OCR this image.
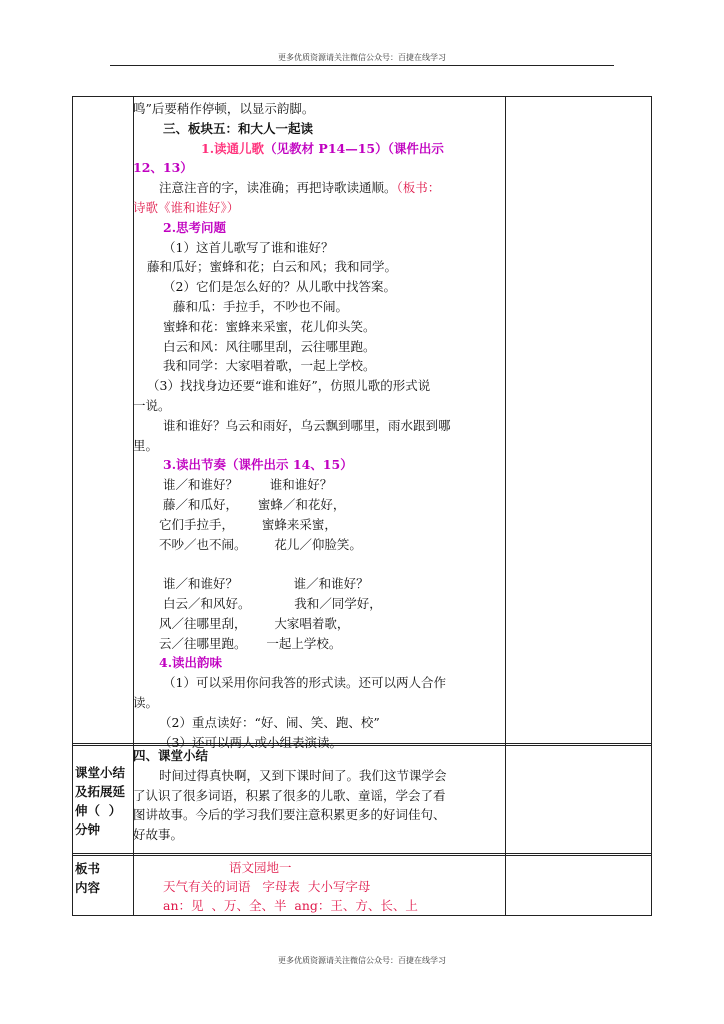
更多优质资源请关注微信公众号：百捷在线学习
鸣”后要稍作停顿，以显示韵脚。
三、板块五：和大人一起读
1.读通儿歌（见教材 P14—15）（课件出示
12、13）
注意注音的字，读准确；再把诗歌读通顺。（板书：
诗歌《谁和谁好》）
2.思考问题
（1）这首儿歌写了谁和谁好？
藤和瓜好；蜜蜂和花；白云和风；我和同学。
（2）它们是怎么好的？从儿歌中找答案。
藤和瓜：手拉手，不吵也不闹。
蜜蜂和花：蜜蜂来采蜜，花儿仰头笑。
白云和风：风往哪里刮，云往哪里跑。
我和同学：大家唱着歌，一起上学校。
（3）找找身边还要“谁和谁好”，仿照儿歌的形式说
一说。
谁和谁好？乌云和雨好，乌云飘到哪里，雨水跟到哪
里。
3.读出节奏（课件出示 14、15）
谁／和谁好？        谁和谁好？
藤／和瓜好，     蜜蜂／和花好，
它们手拉手，       蜜蜂来采蜜，
不吵／也不闹。       花儿／仰脸笑。
谁／和谁好？              谁／和谁好？
白云／和风好。           我和／同学好，
风／往哪里刮，       大家唱着歌，
云／往哪里跑。     一起上学校。
4.读出韵味
（1）可以采用你问我答的形式读。还可以两人合作
读。
（2）重点读好：“好、闹、笑、跑、校”
（3）还可以两人或小组表演读。
课堂小结
及拓展延
伸（  ）
分钟
四、课堂小结
时间过得真快啊，又到下课时间了。我们这节课学会
了认识了很多词语，积累了很多的儿歌、童谣，学会了看
图讲故事。今后的学习我们要注意积累更多的好词佳句、
好故事。
板书
内容
语文园地一
天气有关的词语   字母表  大小写字母
an：见  、万、全、半  ang：王、方、长、上
更多优质资源请关注微信公众号：百捷在线学习
